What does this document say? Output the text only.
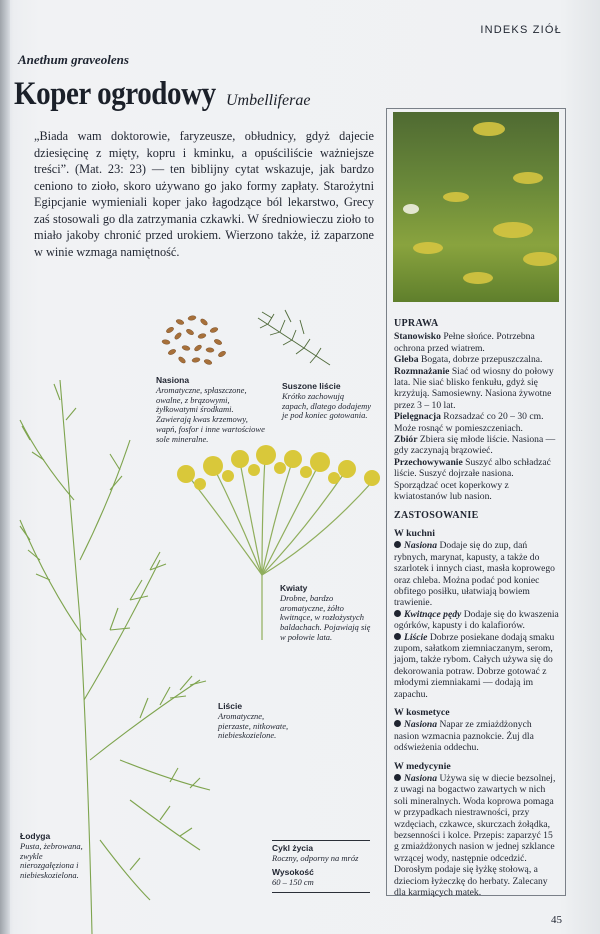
INDEKS ZIÓŁ
Anethum graveolens
Koper ogrodowy Umbelliferae
„Biada wam doktorowie, faryzeusze, obłudnicy, gdyż dajecie dziesięcinę z mięty, kopru i kminku, a opuściliście ważniejsze treści”. (Mat. 23: 23) — ten biblijny cytat wskazuje, jak bardzo ceniono to zioło, skoro używano go jako formy zapłaty. Starożytni Egipcjanie wymieniali koper jako łagodzące ból lekarstwo, Grecy zaś stosowali go dla zatrzymania czkawki. W średniowieczu zioło to miało jakoby chronić przed urokiem. Wierzono także, iż zaparzone w winie wzmaga namiętność.
UPRAWA

Stanowisko Pełne słońce. Potrzebna ochrona przed wiatrem.

Gleba Bogata, dobrze przepuszczalna.

Rozmnażanie Siać od wiosny do połowy lata. Nie siać blisko fenkułu, gdyż się krzyżują. Samosiewny. Nasiona żywotne przez 3 – 10 lat.

Pielęgnacja Rozsadzać co 20 – 30 cm. Może rosnąć w pomieszczeniach.

Zbiór Zbiera się młode liście. Nasiona — gdy zaczynają brązowieć.

Przechowywanie Suszyć albo schładzać liście. Suszyć dojrzałe nasiona. Sporządzać ocet koperkowy z kwiatostanów lub nasion.

ZASTOSOWANIE
W kuchni

Nasiona Dodaje się do zup, dań rybnych, marynat, kapusty, a także do szarlotek i innych ciast, masła koprowego oraz chleba. Można podać pod koniec obfitego posiłku, ułatwiają bowiem trawienie.

Kwitnące pędy Dodaje się do kwaszenia ogórków, kapusty i do kalafiorów.

Liście Dobrze posiekane dodają smaku zupom, sałatkom ziemniaczanym, serom, jajom, także rybom. Całych używa się do dekorowania potraw. Dobrze gotować z młodymi ziemniakami — dodają im zapachu.

W kosmetyce

Nasiona Napar ze zmiażdżonych nasion wzmacnia paznokcie. Żuj dla odświeżenia oddechu.

W medycynie

Nasiona Używa się w diecie bezsolnej, z uwagi na bogactwo zawartych w nich soli mineralnych. Woda koprowa pomaga w przypadkach niestrawności, przy wzdęciach, czkawce, skurczach żołądka, bezsenności i kolce. Przepis: zaparzyć 15 g zmiażdżonych nasion w jednej szklance wrzącej wody, następnie odcedzić. Dorosłym podaje się łyżkę stołową, a dzieciom łyżeczkę do herbaty. Zalecany dla karmiących matek.

Nasiona
Aromatyczne, spłaszczone, owalne, z brązowymi, żyłkowatymi środkami. Zawierają kwas krzemowy, wapń, fosfor i inne wartościowe sole mineralne.
Suszone liście
Krótko zachowują zapach, dlatego dodajemy je pod koniec gotowania.
Kwiaty
Drobne, bardzo aromatyczne, żółto kwitnące, w rozłożystych baldachach. Pojawiają się w połowie lata.
Liście
Aromatyczne, pierzaste, nitkowate, niebieskozielone.
Łodyga
Pusta, żebrowana, zwykle nierozgałęziona i niebieskozielona.
Cykl życia
Roczny, odporny na mróz
Wysokość
60 – 150 cm
45
